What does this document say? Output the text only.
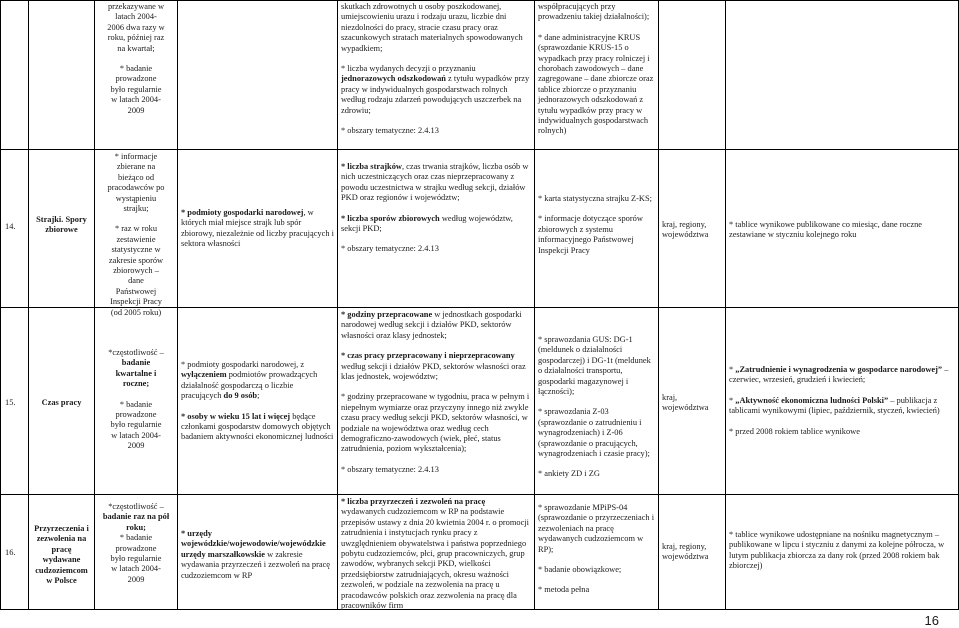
przekazywane w

latach 2004-

2006 dwa razy w

roku, później raz

na kwartał;

* badanie

prowadzone

było regularnie

w latach 2004-

2009

skutkach zdrowotnych u osoby poszkodowanej, umiejscowieniu urazu i rodzaju urazu, liczbie dni niezdolności do pracy, stracie czasu pracy oraz szacunkowych stratach materialnych spowodowanych wypadkiem;

* liczba wydanych decyzji o przyznaniu jednorazowych odszkodowań z tytułu wypadków przy pracy w indywidualnych gospodarstwach rolnych według rodzaju zdarzeń powodujących uszczerbek na zdrowiu;

* obszary tematyczne: 2.4.13

współpracujących przy prowadzeniu takiej działalności);

* dane administracyjne KRUS (sprawozdanie KRUS-15 o wypadkach przy pracy rolniczej i chorobach zawodowych – dane zagregowane – dane zbiorcze oraz tablice zbiorcze o przyznaniu jednorazowych odszkodowań z tytułu wypadków przy pracy w indywidualnych gospodarstwach rolnych)

14.
Strajki. Spory zbiorowe

* informacje

zbierane na

bieżąco od

pracodawców po

wystąpieniu

strajku;

* raz w roku

zestawienie

statystyczne w

zakresie sporów

zbiorowych –

dane

Państwowej

Inspekcji Pracy

(od 2005 roku)

* podmioty gospodarki narodowej, w których miał miejsce strajk lub spór zbiorowy, niezależnie od liczby pracujących i sektora własności

* liczba strajków, czas trwania strajków, liczba osób w nich uczestniczących oraz czas nieprzepracowany z powodu uczestnictwa w strajku według sekcji, działów PKD oraz regionów i województw;

* liczba sporów zbiorowych według województw, sekcji PKD;

* obszary tematyczne: 2.4.13

* karta statystyczna strajku Z-KS;

* informacje dotyczące sporów zbiorowych z systemu informacyjnego Państwowej Inspekcji Pracy

kraj, regiony, województwa
* tablice wynikowe publikowane co miesiąc, dane roczne zestawiane w styczniu kolejnego roku
15.	Czas pracy

*częstotliwość –

badanie

kwartalne i

roczne;

* badanie

prowadzone

było regularnie

w latach 2004-

2009

* podmioty gospodarki narodowej, z wyłączeniem podmiotów prowadzących działalność gospodarczą o liczbie pracujących do 9 osób;

* osoby w wieku 15 lat i więcej będące członkami gospodarstw domowych objętych badaniem aktywności ekonomicznej ludności

* godziny przepracowane w jednostkach gospodarki narodowej według sekcji i działów PKD, sektorów własności oraz klasy jednostek;

* czas pracy przepracowany i nieprzepracowany według sekcji i działów PKD, sektorów własności oraz klas jednostek, województw;

* godziny przepracowane w tygodniu, praca w pełnym i niepełnym wymiarze oraz przyczyny innego niż zwykle czasu pracy według sekcji PKD, sektorów własności, w podziale na województwa oraz według cech demograficzno-zawodowych (wiek, płeć, status zatrudnienia, poziom wykształcenia);

* obszary tematyczne: 2.4.13

* sprawozdania GUS: DG-1 (meldunek o działalności gospodarczej) i DG-1t (meldunek o działalności transportu, gospodarki magazynowej i łączności);

* sprawozdania Z-03 (sprawozdanie o zatrudnieniu i wynagrodzeniach) i Z-06 (sprawozdanie o pracujących, wynagrodzeniach i czasie pracy);

* ankiety ZD i ZG

kraj, województwa

* „Zatrudnienie i wynagrodzenia w gospodarce narodowej” – czerwiec, wrzesień, grudzień i kwiecień;

* „Aktywność ekonomiczna ludności Polski” – publikacja z tablicami wynikowymi (lipiec, październik, styczeń, kwiecień)

* przed 2008 rokiem tablice wynikowe

16.
Przyrzeczenia i zezwolenia na pracę wydawane cudzoziemcom w Polsce

*częstotliwość –

badanie raz na pół roku;

* badanie

prowadzone

było regularnie

w latach 2004-

2009

* urzędy wojewódzkie/wojewodowie/wojewódzkie urzędy marszałkowskie w zakresie wydawania przyrzeczeń i zezwoleń na pracę cudzoziemcom w RP

* liczba przyrzeczeń i zezwoleń na pracę wydawanych cudzoziemcom w RP na podstawie przepisów ustawy z dnia 20 kwietnia 2004 r. o promocji zatrudnienia i instytucjach rynku pracy z uwzględnieniem obywatelstwa i państwa poprzedniego pobytu cudzoziemców, płci, grup pracowniczych, grup zawodów, wybranych sekcji PKD, wielkości przedsiębiorstw zatrudniających, okresu ważności zezwoleń, w podziale na zezwolenia na pracę u pracodawców polskich oraz zezwolenia na pracę dla pracowników firm

* sprawozdanie MPiPS-04 (sprawozdanie o przyrzeczeniach i zezwoleniach na pracę wydawanych cudzoziemcom w RP);

* badanie obowiązkowe;

* metoda pełna

kraj, regiony, województwa
* tablice wynikowe udostępniane na nośniku magnetycznym – publikowane w lipcu i styczniu z danymi za kolejne półrocza, w lutym publikacja zbiorcza za dany rok (przed 2008 rokiem bak zbiorczej)
16
